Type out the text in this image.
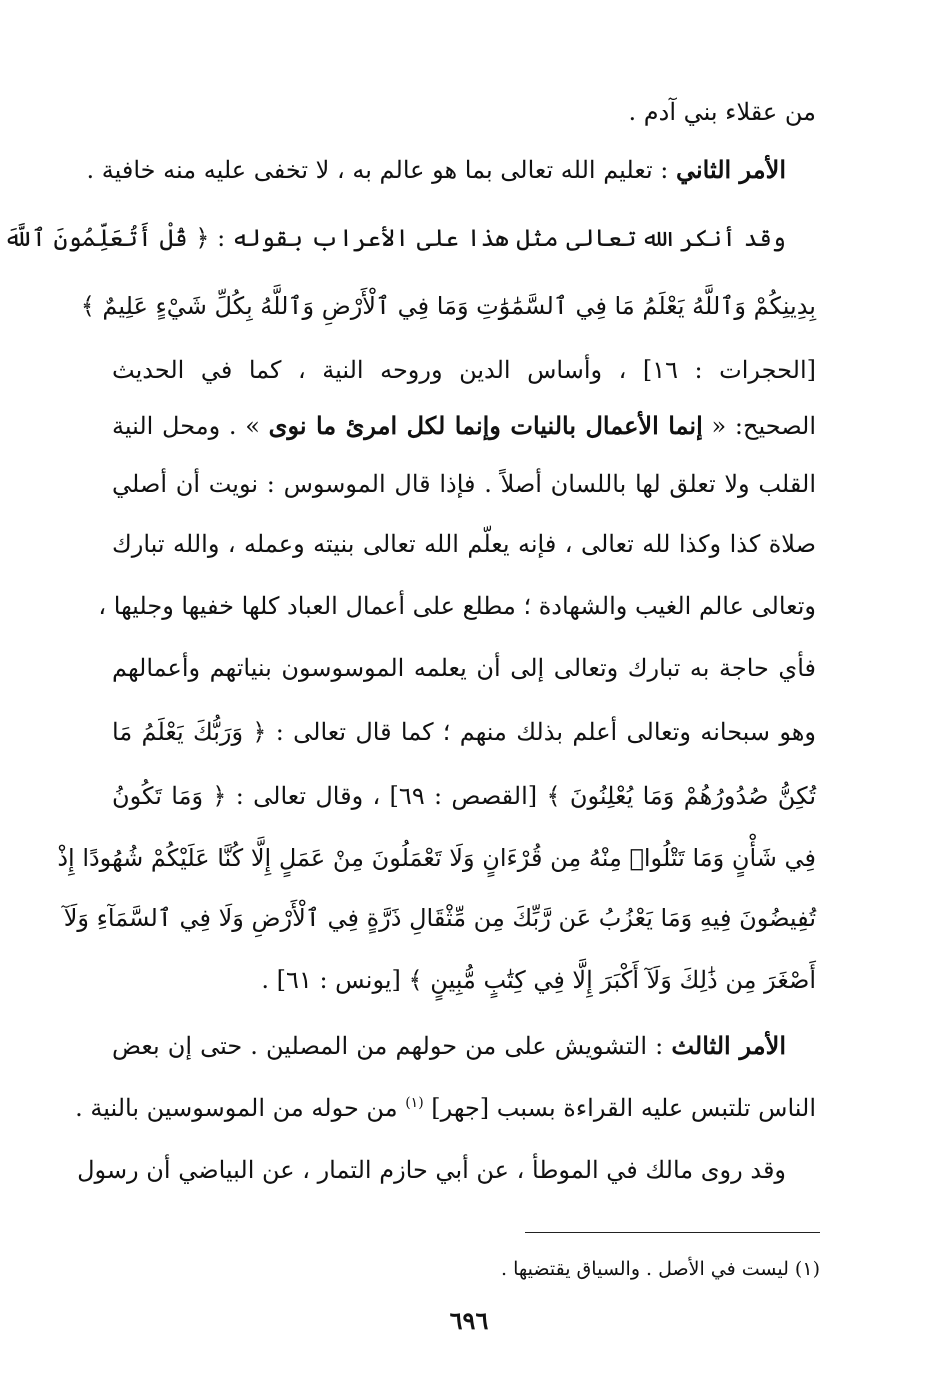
من عقلاء بني آدم .
الأمر الثاني : تعليم الله تعالى بما هو عالم به ، لا تخفى عليه منه خافية .
وقد أنكر الله تعالى مثل هذا على الأعراب بقوله : ﴿ قُلْ أَتُعَلِّمُونَ ٱللَّهَ
بِدِينِكُمْ وَٱللَّهُ يَعْلَمُ مَا فِي ٱلسَّمَٰوَٰتِ وَمَا فِي ٱلْأَرْضِ وَٱللَّهُ بِكُلِّ شَيْءٍ عَلِيمٌ ﴾
[الحجرات : ١٦] ، وأساس الدين وروحه النية ، كما في الحديث
الصحيح: « إنما الأعمال بالنيات وإنما لكل امرئ ما نوى » . ومحل النية
القلب ولا تعلق لها باللسان أصلاً . فإذا قال الموسوس : نويت أن أصلي
صلاة كذا وكذا لله تعالى ، فإنه يعلّم الله تعالى بنيته وعمله ، والله تبارك
وتعالى عالم الغيب والشهادة ؛ مطلع على أعمال العباد كلها خفيها وجليها ،
فأي حاجة به تبارك وتعالى إلى أن يعلمه الموسوسون بنياتهم وأعمالهم
وهو سبحانه وتعالى أعلم بذلك منهم ؛ كما قال تعالى : ﴿ وَرَبُّكَ يَعْلَمُ مَا
تُكِنُّ صُدُورُهُمْ وَمَا يُعْلِنُونَ ﴾ [القصص : ٦٩] ، وقال تعالى : ﴿ وَمَا تَكُونُ
فِي شَأْنٍ وَمَا تَتْلُوا۟ مِنْهُ مِن قُرْءَانٍ وَلَا تَعْمَلُونَ مِنْ عَمَلٍ إِلَّا كُنَّا عَلَيْكُمْ شُهُودًا إِذْ
تُفِيضُونَ فِيهِ وَمَا يَعْزُبُ عَن رَّبِّكَ مِن مِّثْقَالِ ذَرَّةٍ فِي ٱلْأَرْضِ وَلَا فِي ٱلسَّمَآءِ وَلَآ
أَصْغَرَ مِن ذَٰلِكَ وَلَآ أَكْبَرَ إِلَّا فِي كِتَٰبٍ مُّبِينٍ ﴾ [يونس : ٦١] .
الأمر الثالث : التشويش على من حولهم من المصلين . حتى إن بعض
الناس تلتبس عليه القراءة بسبب [جهر] $^{(١)}$ من حوله من الموسوسين بالنية .
وقد روى مالك في الموطأ ، عن أبي حازم التمار ، عن البياضي أن رسول
(١) ليست في الأصل . والسياق يقتضيها .
٦٩٦
